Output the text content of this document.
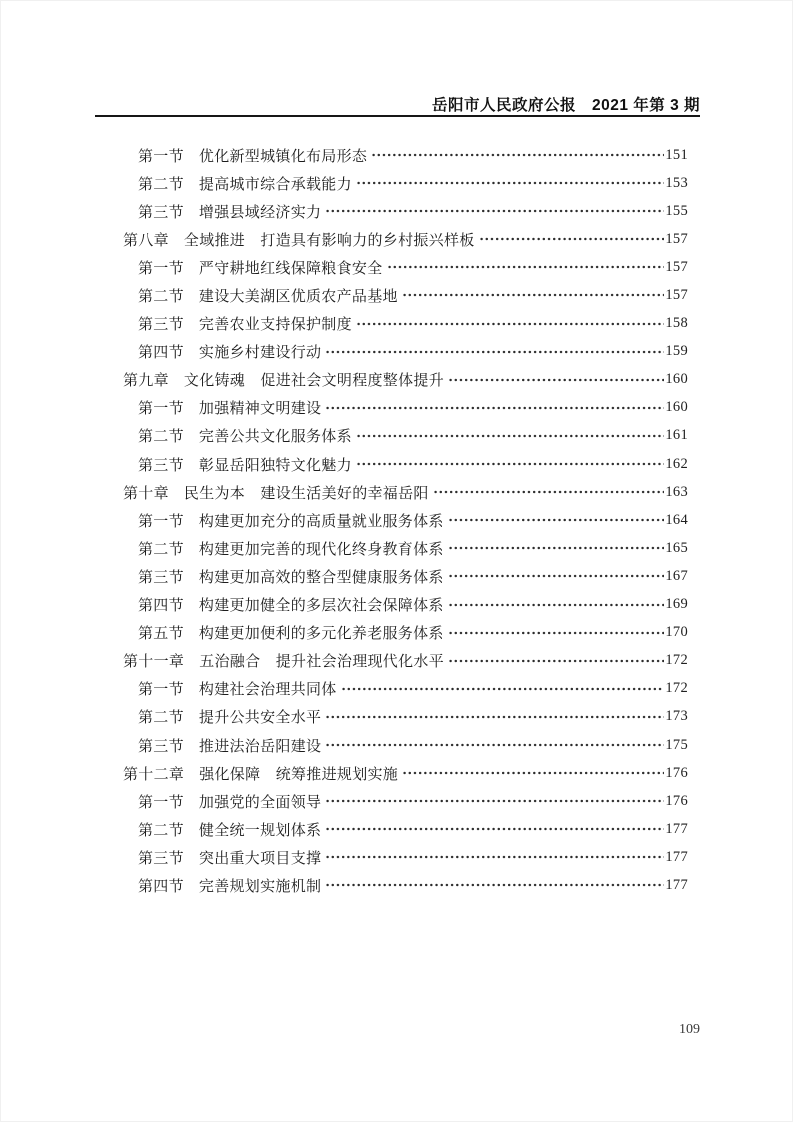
岳阳市人民政府公报　2021 年第 3 期
第一节 优化新型城镇化布局形态	151
第二节 提高城市综合承载能力	153
第三节 增强县域经济实力	155
第八章 全域推进　打造具有影响力的乡村振兴样板	157
第一节 严守耕地红线保障粮食安全	157
第二节 建设大美湖区优质农产品基地	157
第三节 完善农业支持保护制度	158
第四节 实施乡村建设行动	159
第九章 文化铸魂　促进社会文明程度整体提升	160
第一节 加强精神文明建设	160
第二节 完善公共文化服务体系	161
第三节 彰显岳阳独特文化魅力	162
第十章 民生为本　建设生活美好的幸福岳阳	163
第一节 构建更加充分的高质量就业服务体系	164
第二节 构建更加完善的现代化终身教育体系	165
第三节 构建更加高效的整合型健康服务体系	167
第四节 构建更加健全的多层次社会保障体系	169
第五节 构建更加便利的多元化养老服务体系	170
第十一章 五治融合　提升社会治理现代化水平	172
第一节 构建社会治理共同体	172
第二节 提升公共安全水平	173
第三节 推进法治岳阳建设	175
第十二章 强化保障　统筹推进规划实施	176
第一节 加强党的全面领导	176
第二节 健全统一规划体系	177
第三节 突出重大项目支撑	177
第四节 完善规划实施机制	177
109
